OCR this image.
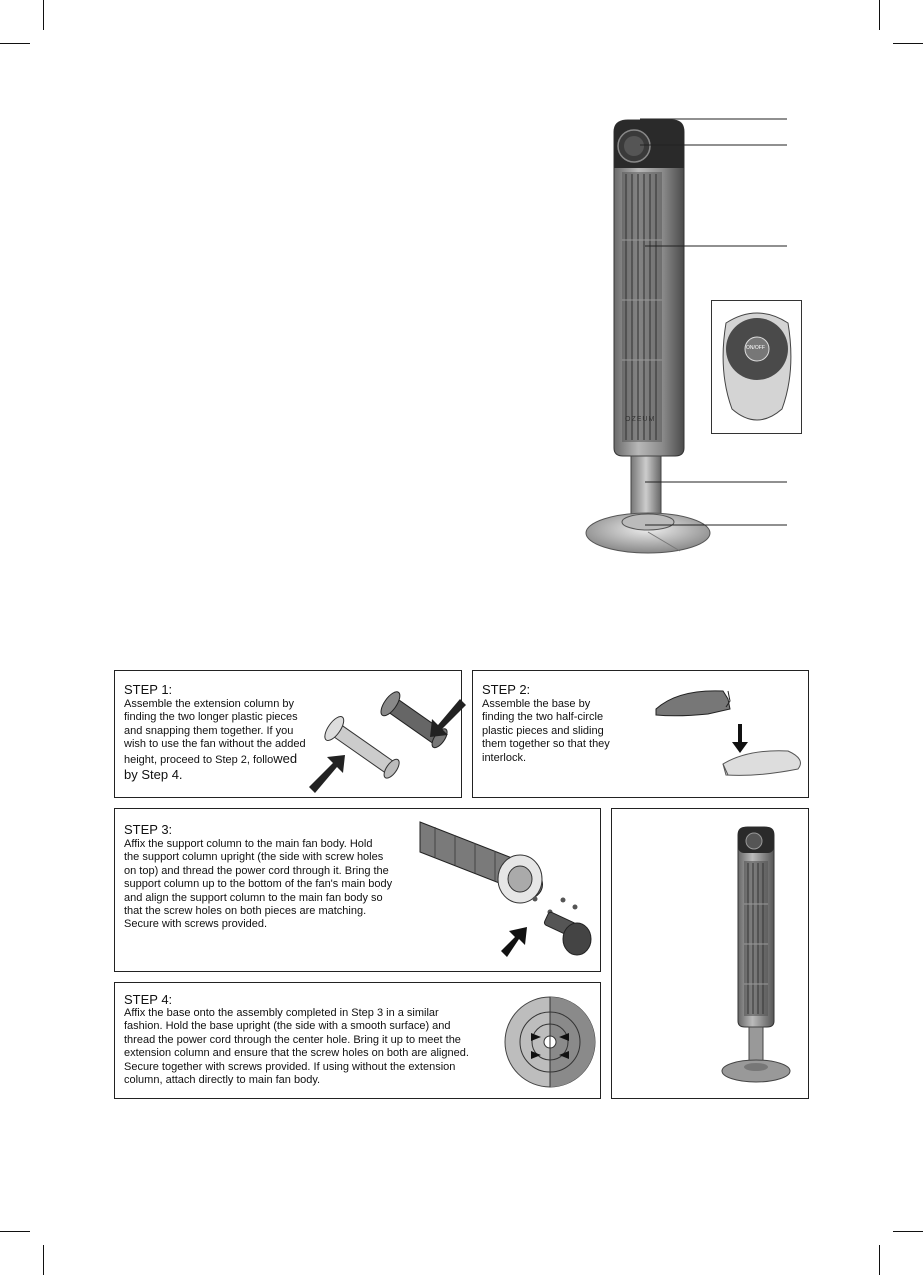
OZEUM
ON/OFF
STEP 1:
Assemble the extension column by
finding the two longer plastic pieces
and snapping them together. If you
wish to use the fan without the added
height, proceed to Step 2, followed
by Step 4.
STEP 2:
Assemble the base by
finding the two half-circle
plastic pieces and sliding
them together so that they
interlock.
STEP 3:
Affix the support column to the main fan body. Hold
the support column upright (the side with screw holes
on top) and thread the power cord through it. Bring the
support column up to the bottom of the fan's main body
and align the support column to the main fan body so
that the screw holes on both pieces are matching.
Secure with screws provided.
STEP 4:
Affix the base onto the assembly completed in Step 3 in a similar
fashion. Hold the base upright (the side with a smooth surface) and
thread the power cord through the center hole. Bring it up to meet the
extension column and ensure that the screw holes on both are aligned.
Secure together with screws provided. If using without the extension
column, attach directly to main fan body.
